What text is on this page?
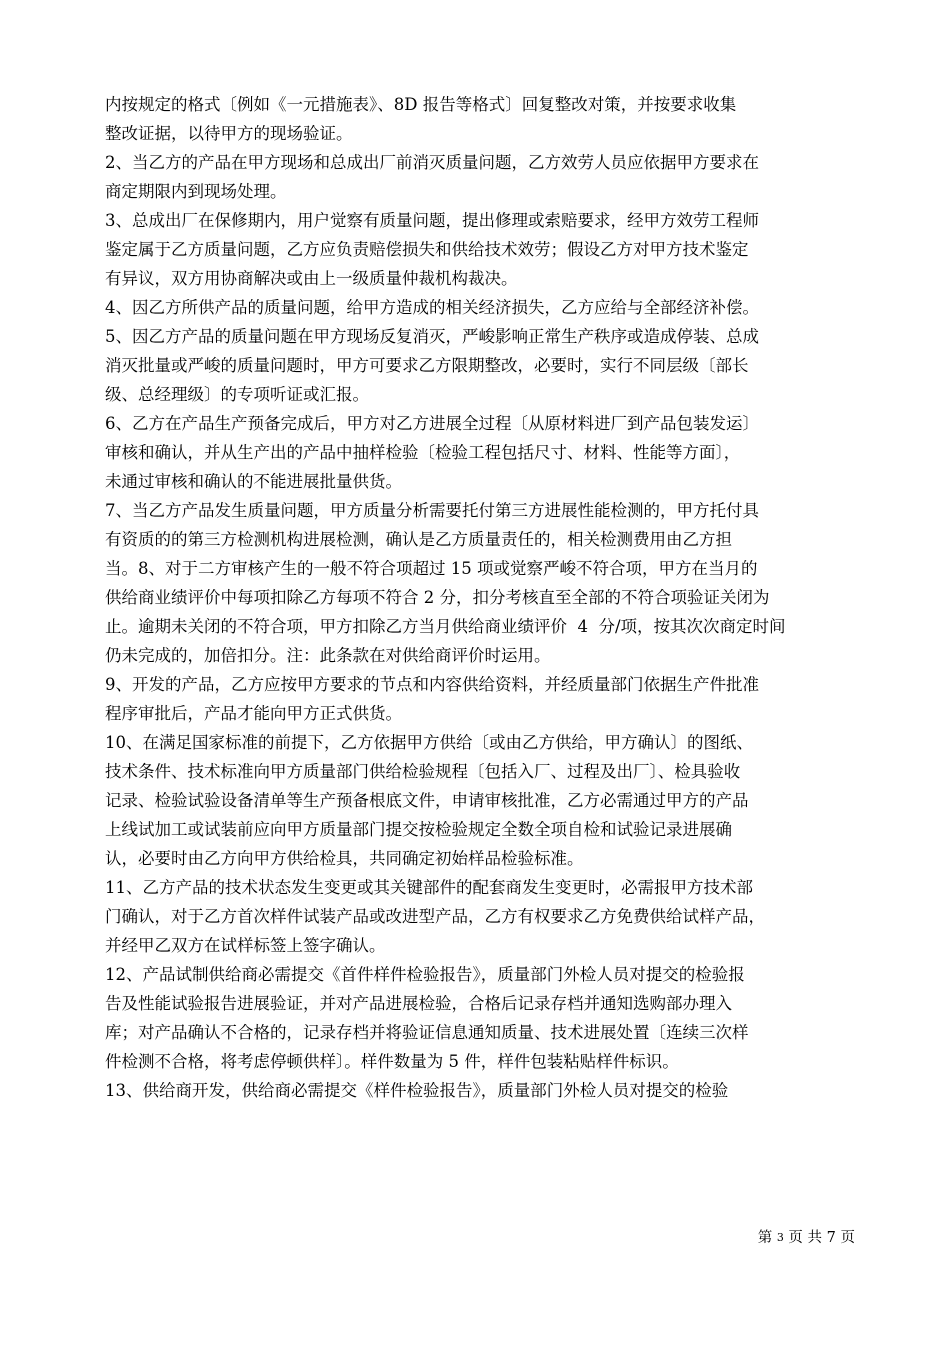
内按规定的格式〔例如《一元措施表》、8D 报告等格式〕回复整改对策，并按要求收集
整改证据，以待甲方的现场验证。
2、当乙方的产品在甲方现场和总成出厂前消灭质量问题，乙方效劳人员应依据甲方要求在
商定期限内到现场处理。
3、总成出厂在保修期内，用户觉察有质量问题，提出修理或索赔要求，经甲方效劳工程师
鉴定属于乙方质量问题，乙方应负责赔偿损失和供给技术效劳；假设乙方对甲方技术鉴定
有异议，双方用协商解决或由上一级质量仲裁机构裁决。
4、因乙方所供产品的质量问题，给甲方造成的相关经济损失，乙方应给与全部经济补偿。
5、因乙方产品的质量问题在甲方现场反复消灭，严峻影响正常生产秩序或造成停装、总成
消灭批量或严峻的质量问题时，甲方可要求乙方限期整改，必要时，实行不同层级〔部长
级、总经理级〕的专项听证或汇报。
6、乙方在产品生产预备完成后，甲方对乙方进展全过程〔从原材料进厂到产品包装发运〕
审核和确认，并从生产出的产品中抽样检验〔检验工程包括尺寸、材料、性能等方面〕，
未通过审核和确认的不能进展批量供货。
7、当乙方产品发生质量问题，甲方质量分析需要托付第三方进展性能检测的，甲方托付具
有资质的的第三方检测机构进展检测，确认是乙方质量责任的，相关检测费用由乙方担
当。8、对于二方审核产生的一般不符合项超过 15 项或觉察严峻不符合项，甲方在当月的
供给商业绩评价中每项扣除乙方每项不符合 2 分，扣分考核直至全部的不符合项验证关闭为
止。逾期未关闭的不符合项，甲方扣除乙方当月供给商业绩评价  4  分/项，按其次次商定时间
仍未完成的，加倍扣分。注：此条款在对供给商评价时运用。
9、开发的产品，乙方应按甲方要求的节点和内容供给资料，并经质量部门依据生产件批准
程序审批后，产品才能向甲方正式供货。
10、在满足国家标准的前提下，乙方依据甲方供给〔或由乙方供给，甲方确认〕的图纸、
技术条件、技术标准向甲方质量部门供给检验规程〔包括入厂、过程及出厂〕、检具验收
记录、检验试验设备清单等生产预备根底文件，申请审核批准，乙方必需通过甲方的产品
上线试加工或试装前应向甲方质量部门提交按检验规定全数全项自检和试验记录进展确
认，必要时由乙方向甲方供给检具，共同确定初始样品检验标准。
11、乙方产品的技术状态发生变更或其关键部件的配套商发生变更时，必需报甲方技术部
门确认，对于乙方首次样件试装产品或改进型产品，乙方有权要求乙方免费供给试样产品，
并经甲乙双方在试样标签上签字确认。
12、产品试制供给商必需提交《首件样件检验报告》，质量部门外检人员对提交的检验报
告及性能试验报告进展验证，并对产品进展检验，合格后记录存档并通知选购部办理入
库；对产品确认不合格的，记录存档并将验证信息通知质量、技术进展处置〔连续三次样
件检测不合格，将考虑停顿供样〕。样件数量为 5 件，样件包装粘贴样件标识。
13、供给商开发，供给商必需提交《样件检验报告》，质量部门外检人员对提交的检验
第 3 页 共 7 页
